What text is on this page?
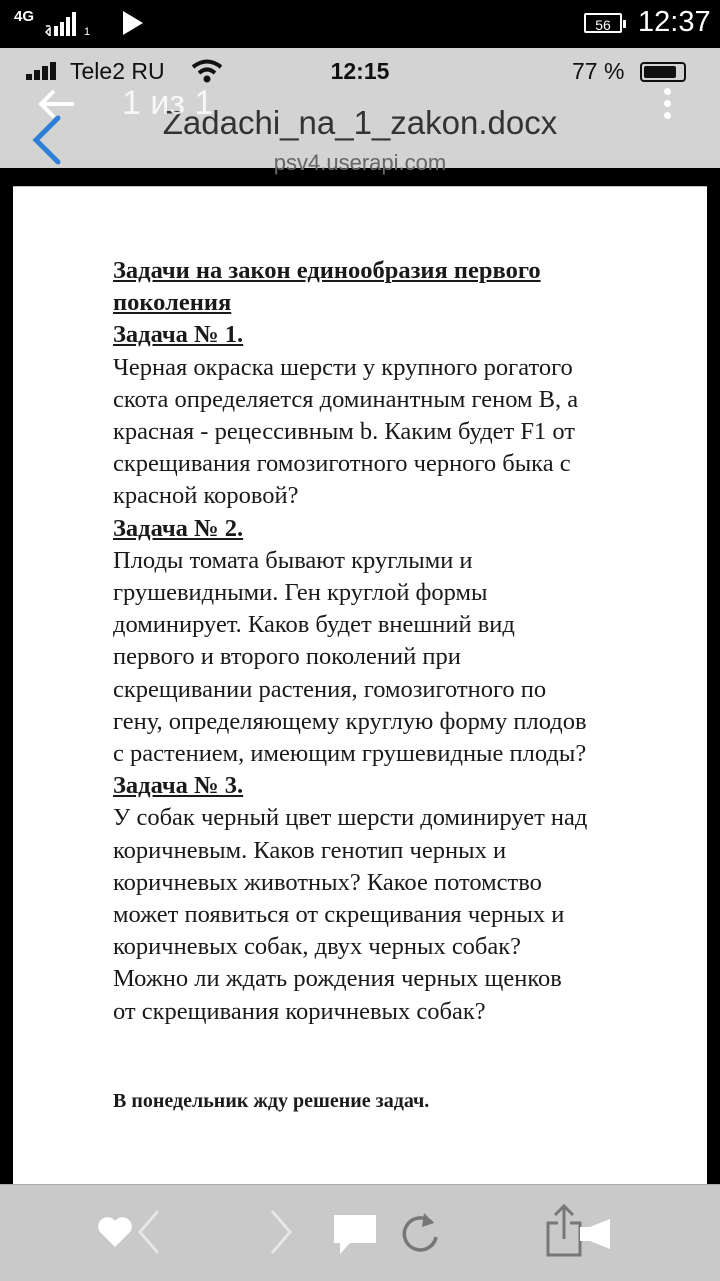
4G
1	56 12:37
Tele2 RU	12:15	77 %
Zadachi_na_1_zakon.docx
psv4.userapi.com
1 из 1

Задачи на закон единообразия первого
поколения

Задача № 1.

Черная окраска шерсти у крупного рогатого
скота определяется доминантным геном B, а
красная - рецессивным b. Каким будет F1 от
скрещивания гомозиготного черного быка с
красной коровой?

Задача № 2.

Плоды томата бывают круглыми и
грушевидными. Ген круглой формы
доминирует. Каков будет внешний вид
первого и второго поколений при
скрещивании растения, гомозиготного по
гену, определяющему круглую форму плодов
с растением, имеющим грушевидные плоды?

Задача № 3.

У собак черный цвет шерсти доминирует над
коричневым. Каков генотип черных и
коричневых животных? Какое потомство
может появиться от скрещивания черных и
коричневых собак, двух черных собак?
Можно ли ждать рождения черных щенков
от скрещивания коричневых собак?

В понедельник жду решение задач.
